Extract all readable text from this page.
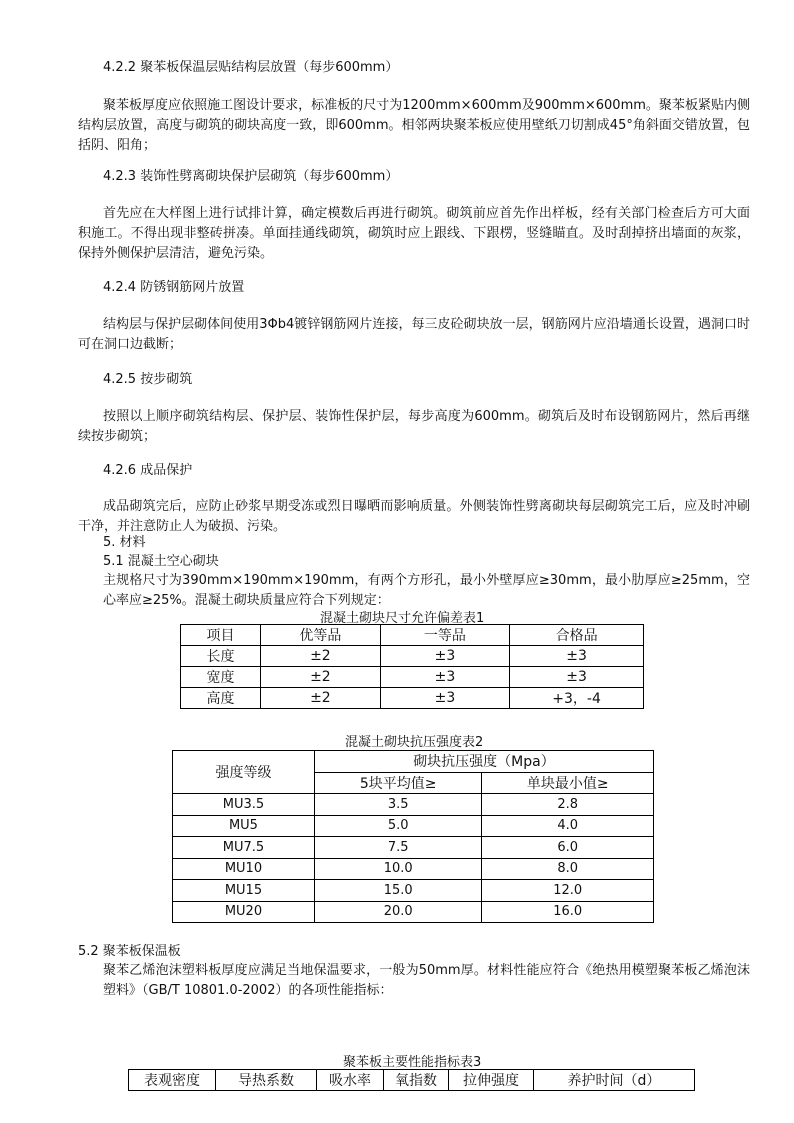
4.2.2 聚苯板保温层贴结构层放置（每步600mm）

聚苯板厚度应依照施工图设计要求，标准板的尺寸为1200mm×600mm及900mm×600mm。聚苯板紧贴内侧结构层放置，高度与砌筑的砌块高度一致，即600mm。相邻两块聚苯板应使用壁纸刀切割成45°角斜面交错放置，包括阴、阳角；

4.2.3 装饰性劈离砌块保护层砌筑（每步600mm）

首先应在大样图上进行试排计算，确定模数后再进行砌筑。砌筑前应首先作出样板，经有关部门检查后方可大面积施工。不得出现非整砖拼凑。单面挂通线砌筑，砌筑时应上跟线、下跟楞，竖缝瞄直。及时刮掉挤出墙面的灰浆，保持外侧保护层清洁，避免污染。

4.2.4 防锈钢筋网片放置

结构层与保护层砌体间使用3Φb4镀锌钢筋网片连接，每三皮砼砌块放一层，钢筋网片应沿墙通长设置，遇洞口时可在洞口边截断；

4.2.5 按步砌筑

按照以上顺序砌筑结构层、保护层、装饰性保护层，每步高度为600mm。砌筑后及时布设钢筋网片，然后再继续按步砌筑；

4.2.6 成品保护

成品砌筑完后，应防止砂浆早期受冻或烈日曝晒而影响质量。外侧装饰性劈离砌块每层砌筑完工后，应及时冲刷干净，并注意防止人为破损、污染。

5. 材料
5.1 混凝土空心砌块

主规格尺寸为390mm×190mm×190mm，有两个方形孔，最小外壁厚应≥30mm，最小肋厚应≥25mm，空心率应≥25%。混凝土砌块质量应符合下列规定：

混凝土砌块尺寸允许偏差表1
项目	优等品	一等品	合格品
长度	±2	±3	±3
宽度	±2	±3	±3
高度	±2	±3	+3，-4
混凝土砌块抗压强度表2
强度等级	砌块抗压强度（Mpa）	
	5块平均值≥	单块最小值≥
MU3.5	3.5	2.8
MU5	5.0	4.0
MU7.5	7.5	6.0
MU10	10.0	8.0
MU15	15.0	12.0
MU20	20.0	16.0
5.2 聚苯板保温板

聚苯乙烯泡沫塑料板厚度应满足当地保温要求，一般为50mm厚。材料性能应符合《绝热用模塑聚苯板乙烯泡沫塑料》（GB/T 10801.0-2002）的各项性能指标：

聚苯板主要性能指标表3
表观密度	导热系数	吸水率	氧指数	拉伸强度	养护时间（d）
